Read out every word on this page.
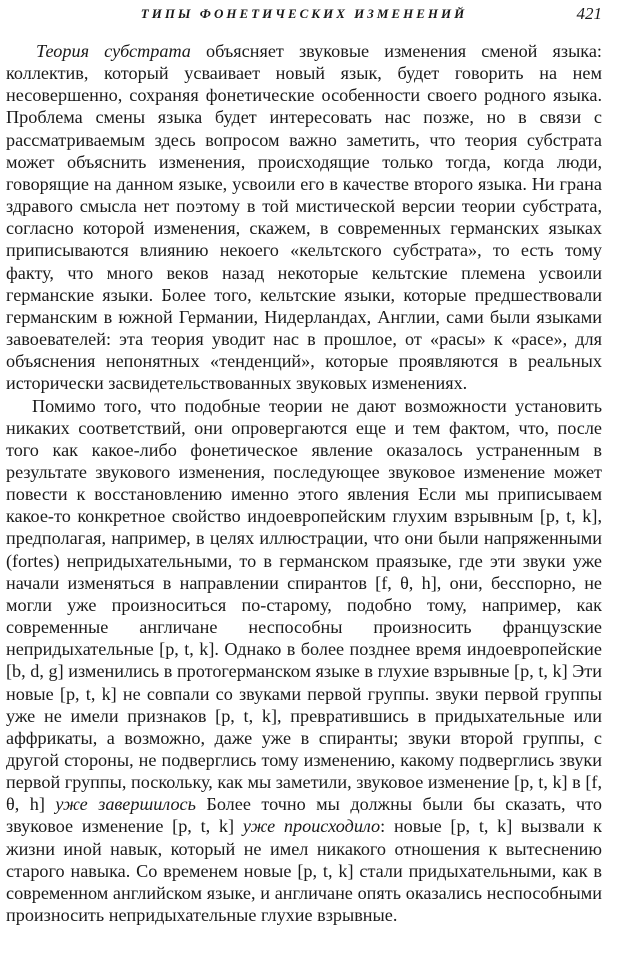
ТИПЫ ФОНЕТИЧЕСКИХ ИЗМЕНЕНИЙ	421

Теория субстрата объясняет звуковые изменения сменой языка: коллектив, который усваивает новый язык, будет говорить на нем несовершенно, сохраняя фонетические особенности своего родного языка. Проблема смены языка будет интересовать нас позже, но в связи с рассматриваемым здесь вопросом важно заметить, что теория субстрата может объяснить изменения, происходящие только тогда, когда люди, говорящие на данном языке, усвоили его в качестве второго языка. Ни грана здравого смысла нет поэтому в той мистической версии теории субстрата, согласно которой изменения, скажем, в современных германских языках приписываются влиянию некоего «кельтского субстрата», то есть тому факту, что много веков назад некоторые кельтские племена усвоили германские языки. Более того, кельтские языки, которые предшествовали германским в южной Германии, Нидерландах, Англии, сами были языками завоевателей: эта теория уводит нас в прошлое, от «расы» к «расе», для объяснения непонятных «тенденций», которые проявляются в реальных исторически засвидетельствованных звуковых изменениях.

Помимо того, что подобные теории не дают возможности установить никаких соответствий, они опровергаются еще и тем фактом, что, после того как какое-либо фонетическое явление оказалось устраненным в результате звукового изменения, последующее звуковое изменение может повести к восстановлению именно этого явления Если мы приписываем какое-то конкретное свойство индоевропейским глухим взрывным [p, t, k], предполагая, например, в целях иллюстрации, что они были напряженными (fortes) непридыхательными, то в германском праязыке, где эти звуки уже начали изменяться в направлении спирантов [f, θ, h], они, бесспорно, не могли уже произноситься по-старому, подобно тому, например, как современные англичане неспособны произносить французские непридыхательные [p, t, k]. Однако в более позднее время индоевропейские [b, d, g] изменились в протогерманском языке в глухие взрывные [p, t, k] Эти новые [p, t, k] не совпали со звуками первой группы. звуки первой группы уже не имели признаков [p, t, k], превратившись в придыхательные или аффрикаты, а возможно, даже уже в спиранты; звуки второй группы, с другой стороны, не подверглись тому изменению, какому подверглись звуки первой группы, поскольку, как мы заметили, звуковое изменение [p, t, k] в [f, θ, h] уже завершилось Более точно мы должны были бы сказать, что звуковое изменение [p, t, k] уже происходило: новые [p, t, k] вызвали к жизни иной навык, который не имел никакого отношения к вытеснению старого навыка. Со временем новые [p, t, k] стали придыхательными, как в современном английском языке, и англичане опять оказались неспособными произносить непридыхательные глухие взрывные.
